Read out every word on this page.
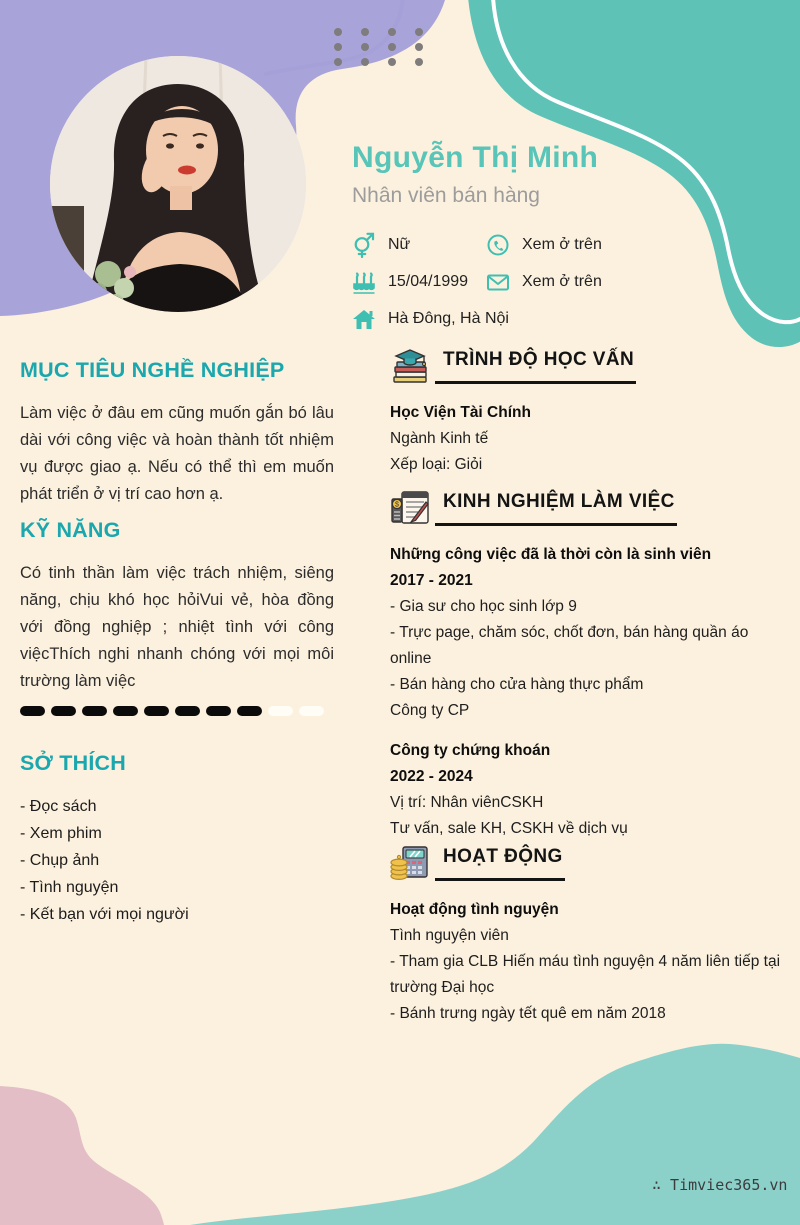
Nguyễn Thị Minh
Nhân viên bán hàng
Nữ
15/04/1999
Hà Đông, Hà Nội
Xem ở trên
Xem ở trên
MỤC TIÊU NGHỀ NGHIỆP

Làm việc ở đâu em cũng muốn gắn bó lâu dài với công việc và hoàn thành tốt nhiệm vụ được giao ạ. Nếu có thể thì em muốn phát triển ở vị trí cao hơn ạ.

KỸ NĂNG

Có tinh thần làm việc trách nhiệm, siêng năng, chịu khó học hỏiVui vẻ, hòa đồng với đồng nghiệp ; nhiệt tình với công việcThích nghi nhanh chóng với mọi môi trường làm việc

SỞ THÍCH
- Đọc sách
- Xem phim
- Chụp ảnh
- Tình nguyện
- Kết bạn với mọi người
TRÌNH ĐỘ HỌC VẤN
Học Viện Tài Chính
Ngành Kinh tế
Xếp loại: Giỏi
$	KINH NGHIỆM LÀM VIỆC
Những công việc đã là thời còn là sinh viên
2017 - 2021
- Gia sư cho học sinh lớp 9
- Trực page, chăm sóc, chốt đơn, bán hàng quần áo online
- Bán hàng cho cửa hàng thực phẩm
Công ty CP
Công ty chứng khoán
2022 - 2024
Vị trí: Nhân viênCSKH
Tư vấn, sale KH, CSKH về dịch vụ
HOẠT ĐỘNG
Hoạt động tình nguyện
Tình nguyện viên
- Tham gia CLB Hiến máu tình nguyện 4 năm liên tiếp tại trường Đại học
- Bánh trưng ngày tết quê em năm 2018
∴ Timviec365.vn
